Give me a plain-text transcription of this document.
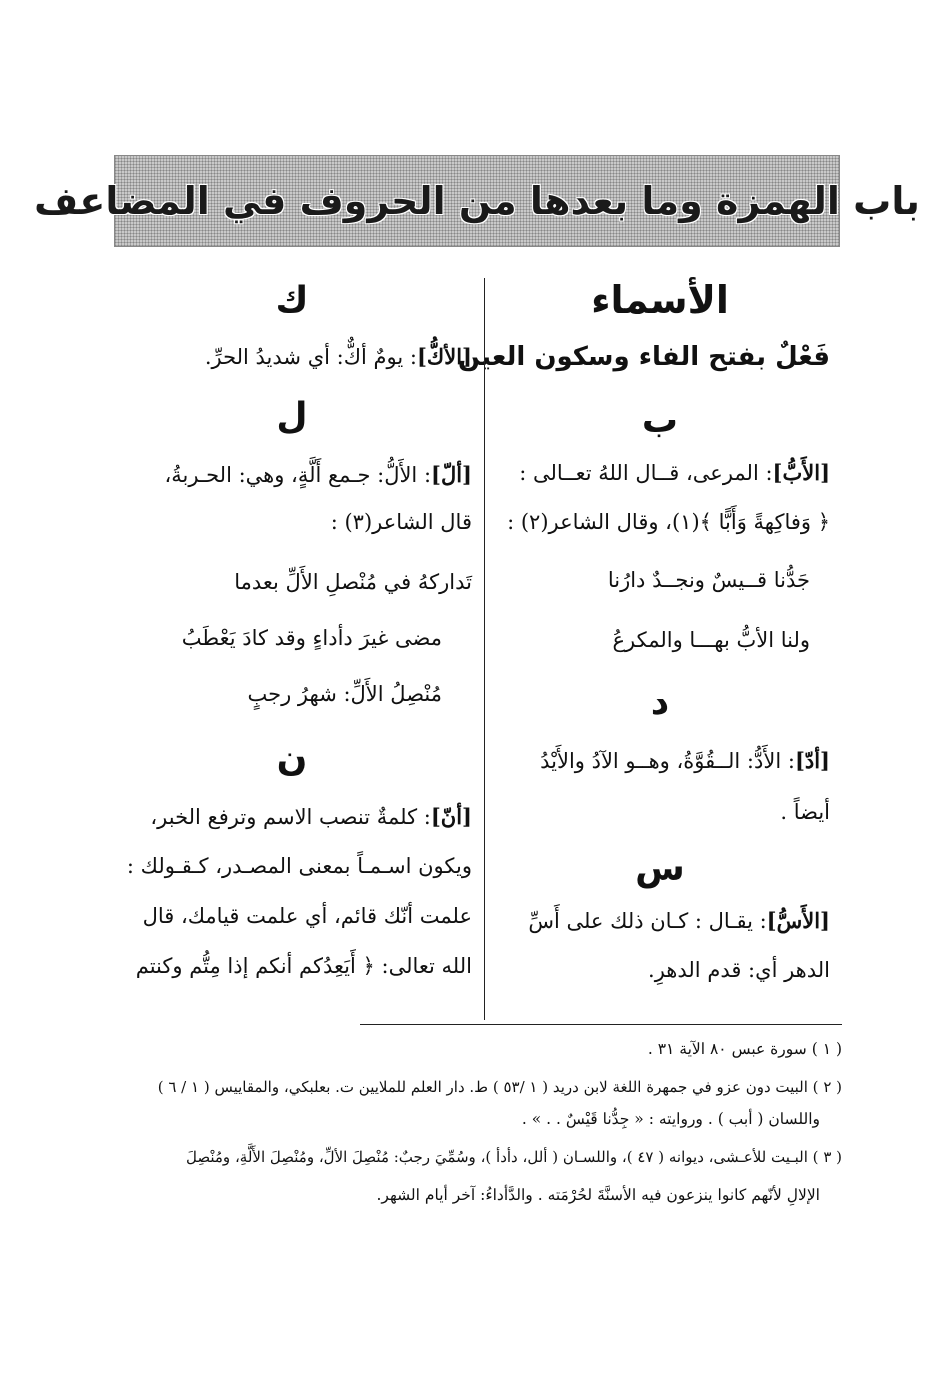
باب الهمزة وما بعدها من الحروف في المضاعف
الأسماء
فَعْلٌ بفتح الفاء وسكون العين
ب
[الأَبُّ]: المرعى، قــال اللهُ تعــالى :
﴿ وَفاكِهةً وَأَبًّا ﴾(١)، وقال الشاعر(٢) :
جَدُّنا قــيسٌ ونجــدٌ دارُنا
ولنا الأبُّ بهـــا والمكرعُ
د
[أدّ]: الأَدُّ: الــقُوَّةُ، وهــو الآدُ والأَيْدُ
أيضاً .
س
[الأَسُّ]: يقـال : كـان ذلك على أَسِّ
الدهر أي: قدم الدهرِ.
ك
[الأكُّ]: يومٌ أكٌّ: أي شديدُ الحرِّ.
ل
[ألّ]: الأَلُّ: جـمع أَلَّةٍ، وهي: الحـربةُ،
قال الشاعر(٣) :
تَداركهُ في مُنْصلِ الأَلِّ بعدما
مضى غيرَ دأداءٍ وقد كادَ يَعْطَبُ
مُنْصِلُ الأَلِّ: شهرُ رجبٍ
ن
[أنّ]: كلمةٌ تنصب الاسم وترفع الخبر،
ويكون اسـمـاً بمعنى المصـدر، كـقـولك :
علمت أنّك قائم، أي علمت قيامك، قال
الله تعالى: ﴿ أَيَعِدُكم أنكم إذا مِتُّم وكنتم
( ١ ) سورة عبس ٨٠ الآية ٣١ .
( ٢ ) البيت دون عزو في جمهرة اللغة لابن دريد ( ١ /٥٣ ) ط. دار العلم للملايين ت. بعلبكي، والمقاييس ( ١ / ٦ )
واللسان ( أبب ) . وروايته : « جِدُّنا قَيْسٌ . . » .
( ٣ ) البـيت للأعـشى، ديوانه ( ٤٧ )، واللسـان ( ألل، دأدأ )، وسُمِّيَ رجبٌ: مُنْصِلَ الألِّ، ومُنْصِلَ الأَلَّةِ، ومُنْصِلَ
الإلالِ لأنّهم كانوا ينزعون فيه الأسنَّةَ لحُرْمَته . والدَّأداءُ: آخر أيام الشهر.
